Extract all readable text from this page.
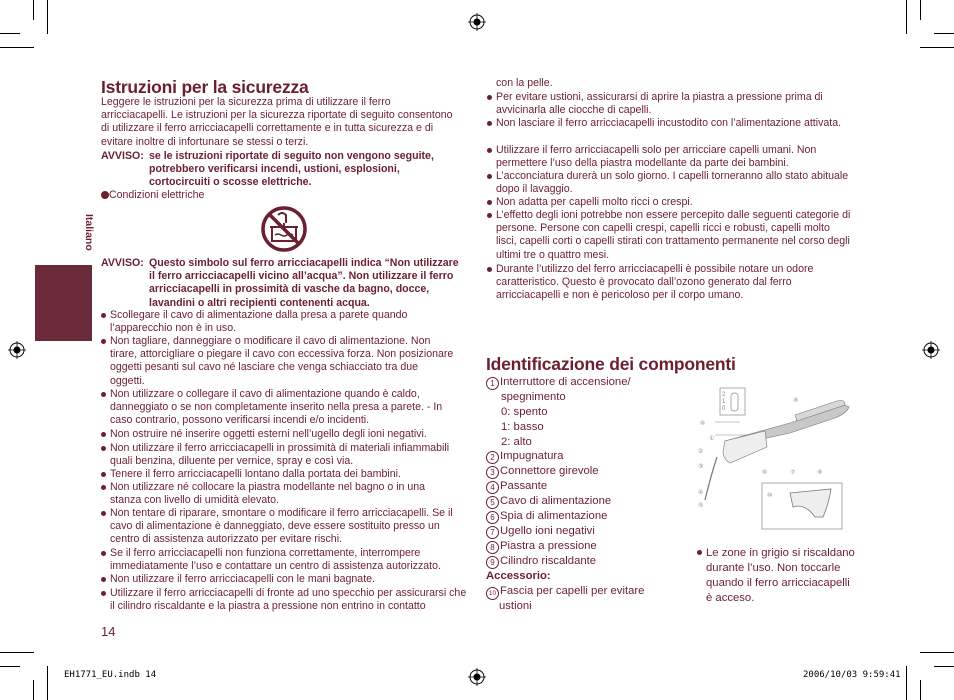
Italiano
Istruzioni per la sicurezza
Leggere le istruzioni per la sicurezza prima di utilizzare il ferro arricciacapelli. Le istruzioni per la sicurezza riportate di seguito consentono di utilizzare il ferro arricciacapelli correttamente e in tutta sicurezza e di evitare inoltre di infortunare se stessi o terzi.
AVVISO: se le istruzioni riportate di seguito non vengono seguite, potrebbero verificarsi incendi, ustioni, esplosioni, cortocircuiti o scosse elettriche.
Condizioni elettriche
AVVISO: Questo simbolo sul ferro arricciacapelli indica “Non utilizzare il ferro arricciacapelli vicino all’acqua”. Non utilizzare il ferro arricciacapelli in prossimità di vasche da bagno, docce, lavandini o altri recipienti contenenti acqua.
Scollegare il cavo di alimentazione dalla presa a parete quando l’apparecchio non è in uso.
Non tagliare, danneggiare o modificare il cavo di alimentazione. Non tirare, attorcigliare o piegare il cavo con eccessiva forza. Non posizionare oggetti pesanti sul cavo né lasciare che venga schiacciato tra due oggetti.
Non utilizzare o collegare il cavo di alimentazione quando è caldo, danneggiato o se non completamente inserito nella presa a parete. - In caso contrario, possono verificarsi incendi e/o incidenti.
Non ostruire né inserire oggetti esterni nell’ugello degli ioni negativi.
Non utilizzare il ferro arricciacapelli in prossimità di materiali infiammabili quali benzina, diluente per vernice, spray e così via.
Tenere il ferro arricciacapelli lontano dalla portata dei bambini.
Non utilizzare né collocare la piastra modellante nel bagno o in una stanza con livello di umidità elevato.
Non tentare di riparare, smontare o modificare il ferro arricciacapelli. Se il cavo di alimentazione è danneggiato, deve essere sostituito presso un centro di assistenza autorizzato per evitare rischi.
Se il ferro arricciacapelli non funziona correttamente, interrompere immediatamente l’uso e contattare un centro di assistenza autorizzato.
Non utilizzare il ferro arricciacapelli con le mani bagnate.
Utilizzare il ferro arricciacapelli di fronte ad uno specchio per assicurarsi che il cilindro riscaldante e la piastra a pressione non entrino in contatto
14
con la pelle.
Per evitare ustioni, assicurarsi di aprire la piastra a pressione prima di avvicinarla alle ciocche di capelli.
Non lasciare il ferro arricciacapelli incustodito con l’alimentazione attivata.
Utilizzare il ferro arricciacapelli solo per arricciare capelli umani. Non permettere l’uso della piastra modellante da parte dei bambini.
L’acconciatura durerà un solo giorno. I capelli torneranno allo stato abituale dopo il lavaggio.
Non adatta per capelli molto ricci o crespi.
L’effetto degli ioni potrebbe non essere percepito dalle seguenti categorie di persone. Persone con capelli crespi, capelli ricci e robusti, capelli molto lisci, capelli corti o capelli stirati con trattamento permanente nel corso degli ultimi tre o quattro mesi.
Durante l’utilizzo del ferro arricciacapelli è possibile notare un odore caratteristico. Questo è provocato dall’ozono generato dal ferro arricciacapelli e non è pericoloso per il corpo umano.
Identificazione dei componenti
1 Interruttore di accensione/
spegnimento
0: spento
1: basso
2: alto
2 Impugnatura
3 Connettore girevole
4 Passante
5 Cavo di alimentazione
6 Spia di alimentazione
7 Ugello ioni negativi
8 Piastra a pressione
9 Cilindro riscaldante
Accessorio:
10 Fascia per capelli per evitare
ustioni
2
1
0
⑥
①
②
③
④
⑤
⑥	⑦	⑨
⑧
⑩
Le zone in grigio si riscaldano durante l’uso. Non toccarle quando il ferro arricciacapelli è acceso.
EH1771_EU.indb 14	2006/10/03 9:59:41
